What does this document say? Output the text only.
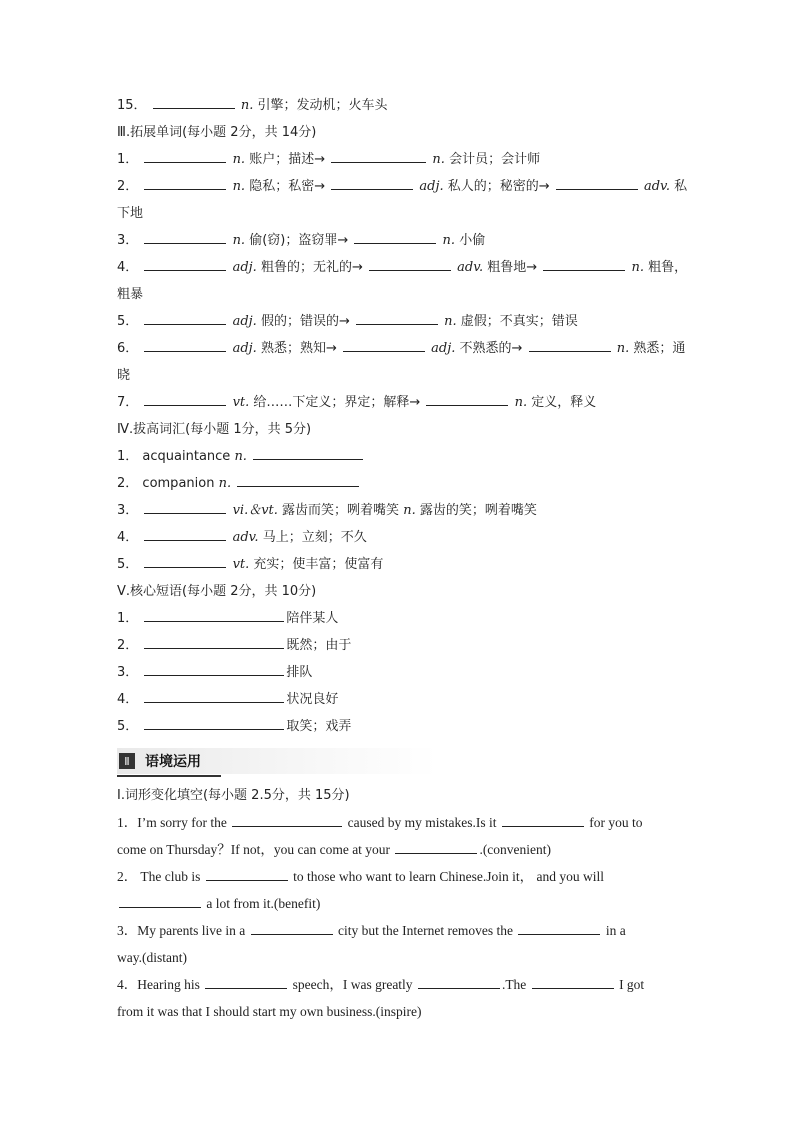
15．	n. 引擎；发动机；火车头
Ⅲ.拓展单词(每小题 2分，共 14分)
1．	n. 账户；描述→	n. 会计员；会计师
2．	n. 隐私；私密→	adj. 私人的；秘密的→	adv. 私
下地
3．	n. 偷(窃)；盗窃罪→	n. 小偷
4．	adj. 粗鲁的；无礼的→	adv. 粗鲁地→	n. 粗鲁，
粗暴
5．	adj. 假的；错误的→	n. 虚假；不真实；错误
6．	adj. 熟悉；熟知→	adj. 不熟悉的→	n. 熟悉；通
晓
7．	vt. 给……下定义；界定；解释→	n. 定义，释义
Ⅳ.拔高词汇(每小题 1分，共 5分)
1． acquaintance n.
2． companion n.
3．	vi.＆vt. 露齿而笑；咧着嘴笑 n. 露齿的笑；咧着嘴笑
4．	adv. 马上；立刻；不久
5．	vt. 充实；使丰富；使富有
Ⅴ.核心短语(每小题 2分，共 10分)
1．	陪伴某人
2．	既然；由于
3．	排队
4．	状况良好
5．	取笑；戏弄
Ⅱ	语境运用
Ⅰ.词形变化填空(每小题 2.5分，共 15分)
1．I’m sorry for the	caused by my mistakes.Is it	for you to
come on Thursday？If not，you can come at your	.(convenient)
2． The club is	to those who want to learn Chinese.Join it， and you will
a lot from it.(benefit)
3．My parents live in a	city but the Internet removes the	in a
way.(distant)
4．Hearing his	speech，I was greatly	.The	I got
from it was that I should start my own business.(inspire)
